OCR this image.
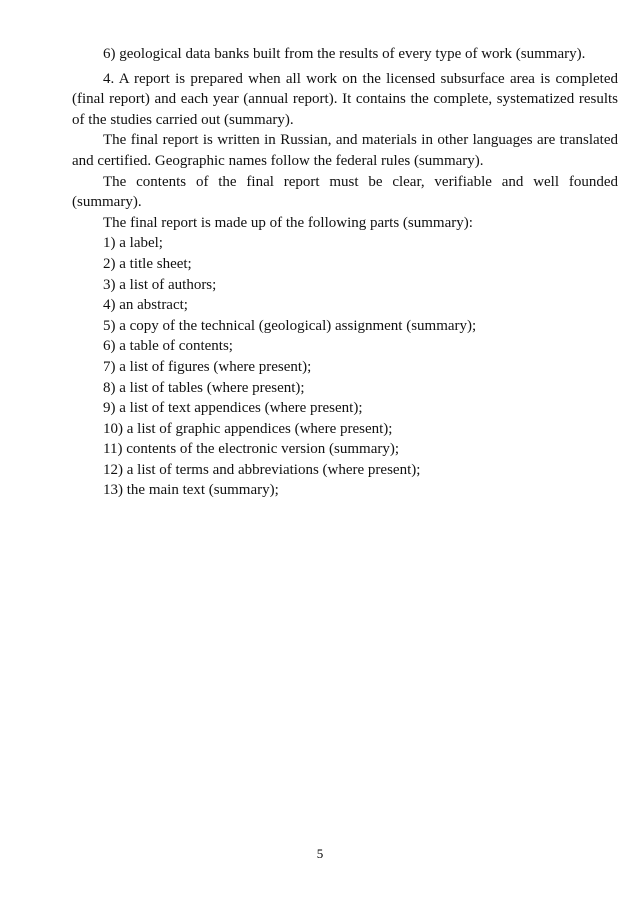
6) geological data banks built from the results of every type of work (summary).

4. A report is prepared when all work on the licensed subsurface area is completed (final report) and each year (annual report). It contains the complete, systematized results of the studies carried out (summary).

The final report is written in Russian, and materials in other languages are translated and certified. Geographic names follow the federal rules (summary).

The contents of the final report must be clear, verifiable and well founded (summary).

The final report is made up of the following parts (summary):

1) a label;

2) a title sheet;

3) a list of authors;

4) an abstract;

5) a copy of the technical (geological) assignment (summary);

6) a table of contents;

7) a list of figures (where present);

8) a list of tables (where present);

9) a list of text appendices (where present);

10) a list of graphic appendices (where present);

11) contents of the electronic version (summary);

12) a list of terms and abbreviations (where present);

13) the main text (summary);

5
